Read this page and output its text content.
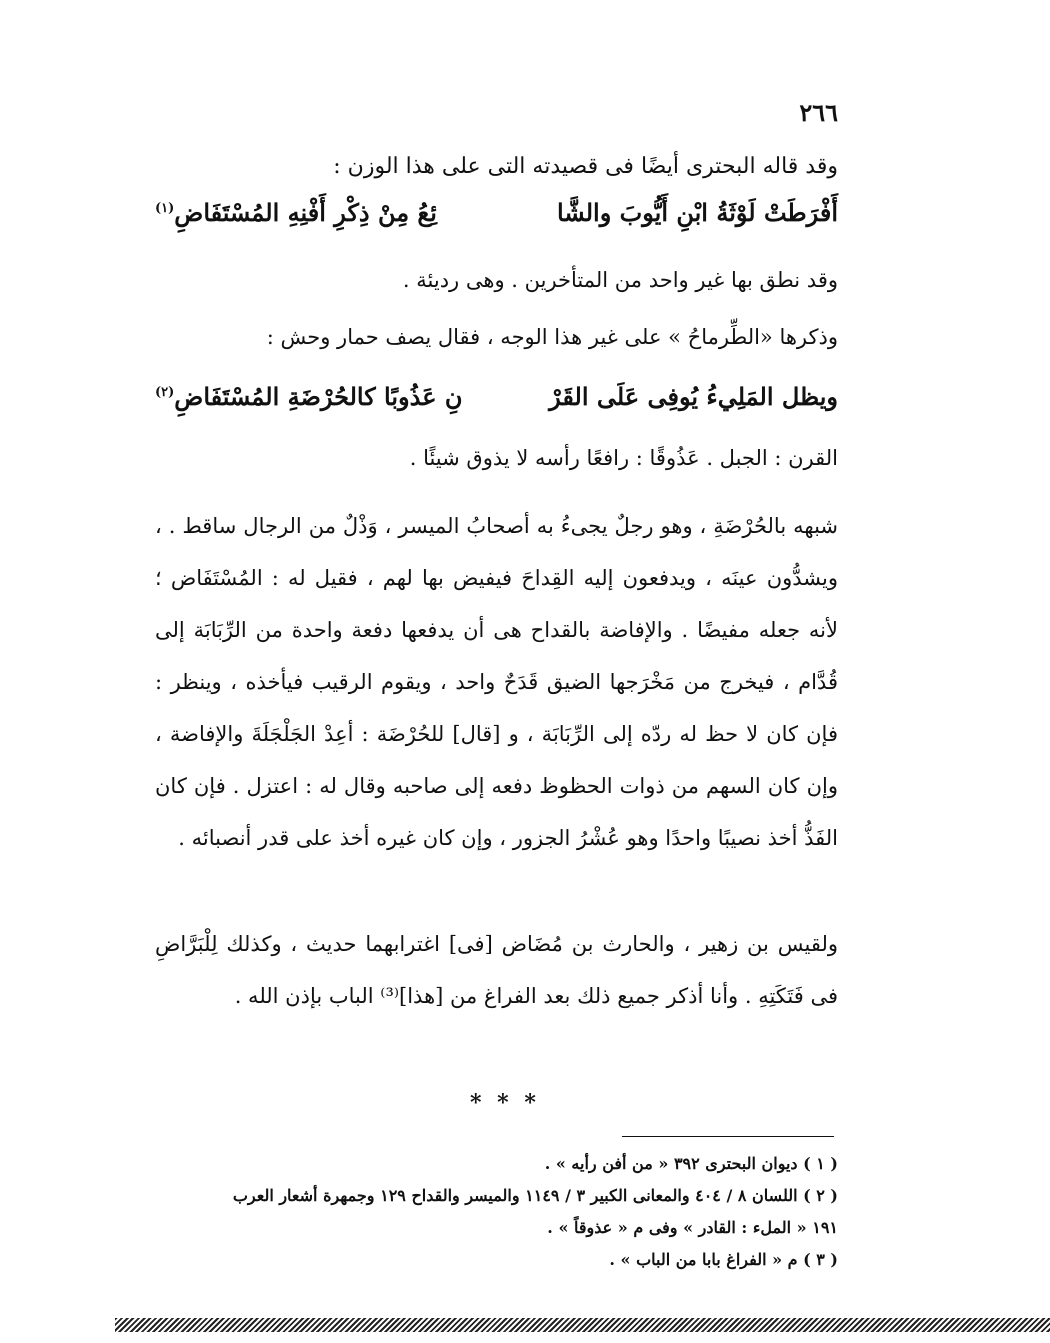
٢٦٦
وقد قاله البحترى أيضًا فى قصيدته التى على هذا الوزن :
أَفْرَطَتْ لَوْثَةُ ابْنِ أَيُّوبَ والشَّا
ئِعُ مِنْ ذِكْرِ أَفْنِهِ المُسْتَفَاضِ$^{(١)}$
وقد نطق بها غير واحد من المتأخرين . وهى رديئة .
وذكرها «الطِّرماحُ » على غير هذا الوجه ، فقال يصف حمار وحش :
ويظل المَلِيءُ يُوفِى عَلَى القَرْ
نِ عَذُوبًا كالحُرْضَةِ المُسْتَفَاضِ$^{(٢)}$
القرن : الجبل . عَذُوقًا : رافعًا رأسه لا يذوق شيئًا .

شبهه بالحُرْضَةِ ، وهو رجلٌ يجىءُ به أصحابُ الميسر ، وَذْلٌ من الرجال ساقط . ، ويشدُّون عينَه ، ويدفعون إليه القِداحَ فيفيض بها لهم ، فقيل له : المُسْتَفَاض ؛ لأنه جعله مفيضًا . والإفاضة بالقداح هى أن يدفعها دفعة واحدة من الرِّبَابَة إلى قُدَّام ، فيخرج من مَخْرَجها الضيق قَدَحٌ واحد ، ويقوم الرقيب فيأخذه ، وينظر : فإن كان لا حظ له ردّه إلى الرِّبَابَة ، و [قال] للحُرْضَة : أعِدْ الجَلْجَلَةَ والإفاضة ، وإن كان السهم من ذوات الحظوظ دفعه إلى صاحبه وقال له : اعتزل . فإن كان الفَذُّ أخذ نصيبًا واحدًا وهو عُشْرُ الجزور ، وإن كان غيره أخذ على قدر أنصبائه .

ولقيس بن زهير ، والحارث بن مُضَاض [فى] اغترابهما حديث ، وكذلك لِلْبَرَّاضِ فى فَتَكَتِهِ . وأنا أذكر جميع ذلك بعد الفراغ من [هذا]⁽³⁾ الباب بإذن الله .

* * *
( ١ ) ديوان البحترى ٣٩٢ « من أفن رأيه » .
( ٢ ) اللسان ٨ / ٤٠٤ والمعانى الكبير ٣ / ١١٤٩ والميسر والقداح ١٢٩ وجمهرة أشعار العرب
١٩١ « الملء : القادر » وفى م « عذوقاً » .
( ٣ ) م « الفراغ بابا من الباب » .
